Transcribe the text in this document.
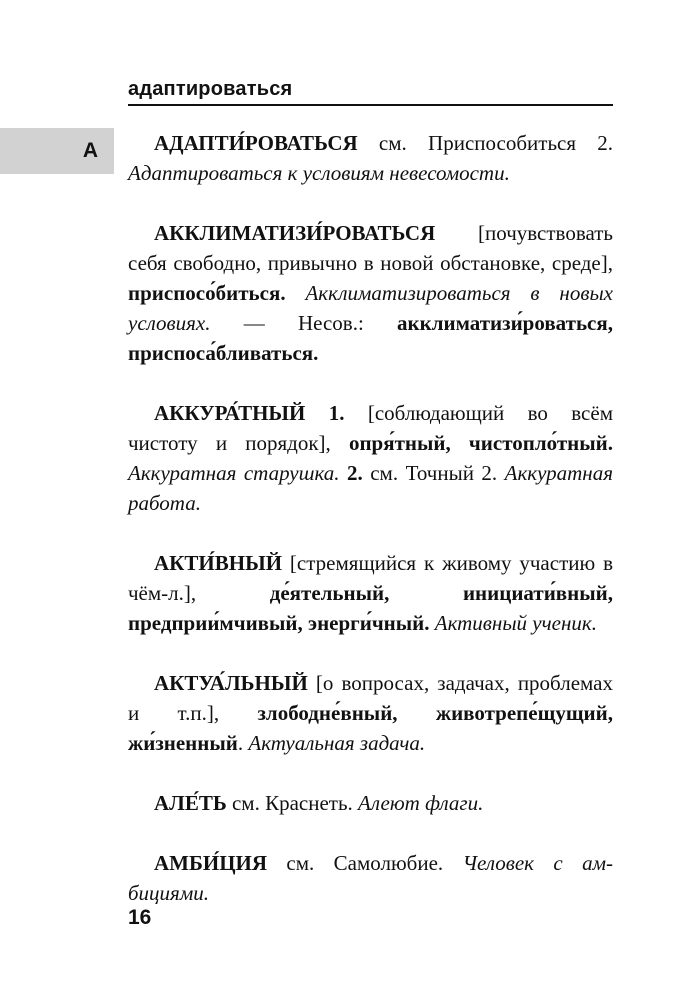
адаптироваться
А	АДАПТИ́РОВАТЬСЯ см. Приспособиться 2. Адаптироваться к условиям невесомости.

АККЛИМАТИЗИ́РОВАТЬСЯ [почувствовать себя свободно, привычно в новой обстановке, среде], приспосо́биться. Акклиматизироваться в новых условиях. — Несов.: акклиматизи́роваться, приспоса́бливаться.

АККУРА́ТНЫЙ 1. [соблюдающий во всём чистоту и порядок], опря́тный, чистопло́тный. Аккуратная старушка. 2. см. Точный 2. Аккуратная работа.

АКТИ́ВНЫЙ [стремящийся к живому участию в чём-л.], де́ятельный, инициати́вный, предприи́мчивый, энерги́чный. Активный ученик.

АКТУА́ЛЬНЫЙ [о вопросах, задачах, проблемах и т.п.], злободне́вный, животрепе́щущий, жи́зненный. Актуальная задача.

АЛЕ́ТЬ см. Краснеть. Алеют флаги.

АМБИ́ЦИЯ см. Самолюбие. Человек с амбициями.

16
